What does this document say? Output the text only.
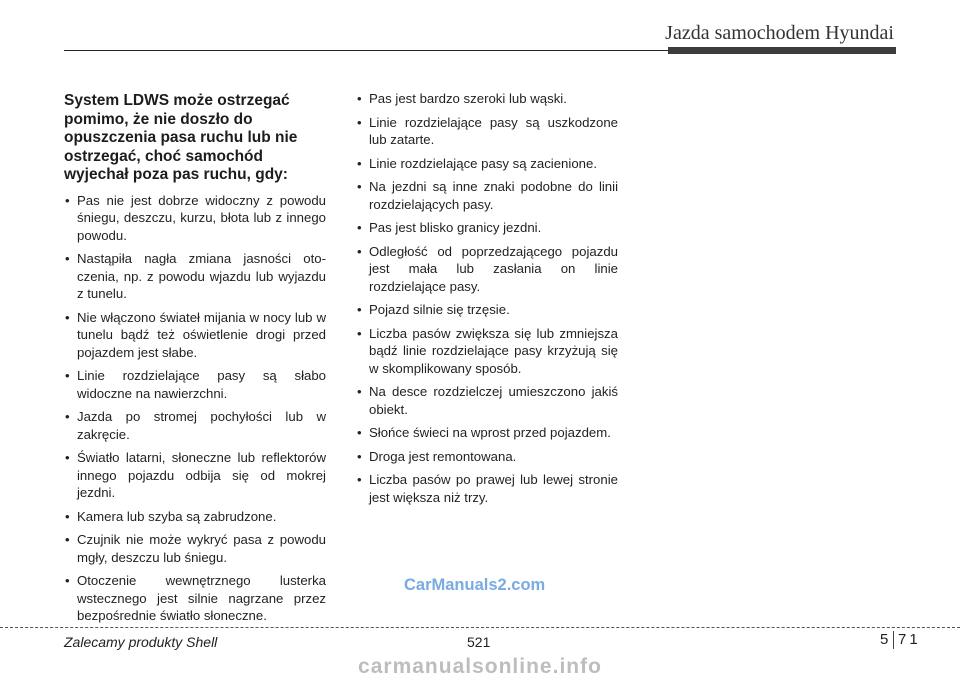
Jazda samochodem Hyundai
System LDWS może ostrzegać pomimo, że nie doszło do opuszczenia pasa ruchu lub nie ostrzegać, choć samochód wyjechał poza pas ruchu, gdy:
• Pas nie jest dobrze widoczny z powodu śniegu, deszczu, kurzu, błota lub z innego powodu.
• Nastąpiła nagła zmiana jasności otoczenia, np. z powodu wjazdu lub wyjazdu z tunelu.
• Nie włączono świateł mijania w nocy lub w tunelu bądź też oświetlenie drogi przed pojazdem jest słabe.
• Linie rozdzielające pasy są słabo widoczne na nawierzchni.
• Jazda po stromej pochyłości lub w zakręcie.
• Światło latarni, słoneczne lub reflektorów innego pojazdu odbija się od mokrej jezdni.
• Kamera lub szyba są zabrudzone.
• Czujnik nie może wykryć pasa z powodu mgły, deszczu lub śniegu.
• Otoczenie wewnętrznego lusterka wstecznego jest silnie nagrzane przez bezpośrednie światło słoneczne.
• Pas jest bardzo szeroki lub wąski.
• Linie rozdzielające pasy są uszkodzone lub zatarte.
• Linie rozdzielające pasy są zacienione.
• Na jezdni są inne znaki podobne do linii rozdzielających pasy.
• Pas jest blisko granicy jezdni.
• Odległość od poprzedzającego pojazdu jest mała lub zasłania on linie rozdzielające pasy.
• Pojazd silnie się trzęsie.
• Liczba pasów zwiększa się lub zmniejsza bądź linie rozdzielające pasy krzyżują się w skomplikowany sposób.
• Na desce rozdzielczej umieszczono jakiś obiekt.
• Słońce świeci na wprost przed pojazdem.
• Droga jest remontowana.
• Liczba pasów po prawej lub lewej stronie jest większa niż trzy.
CarManuals2.com
Zalecamy produkty Shell	521	5 71
carmanualsonline.info
